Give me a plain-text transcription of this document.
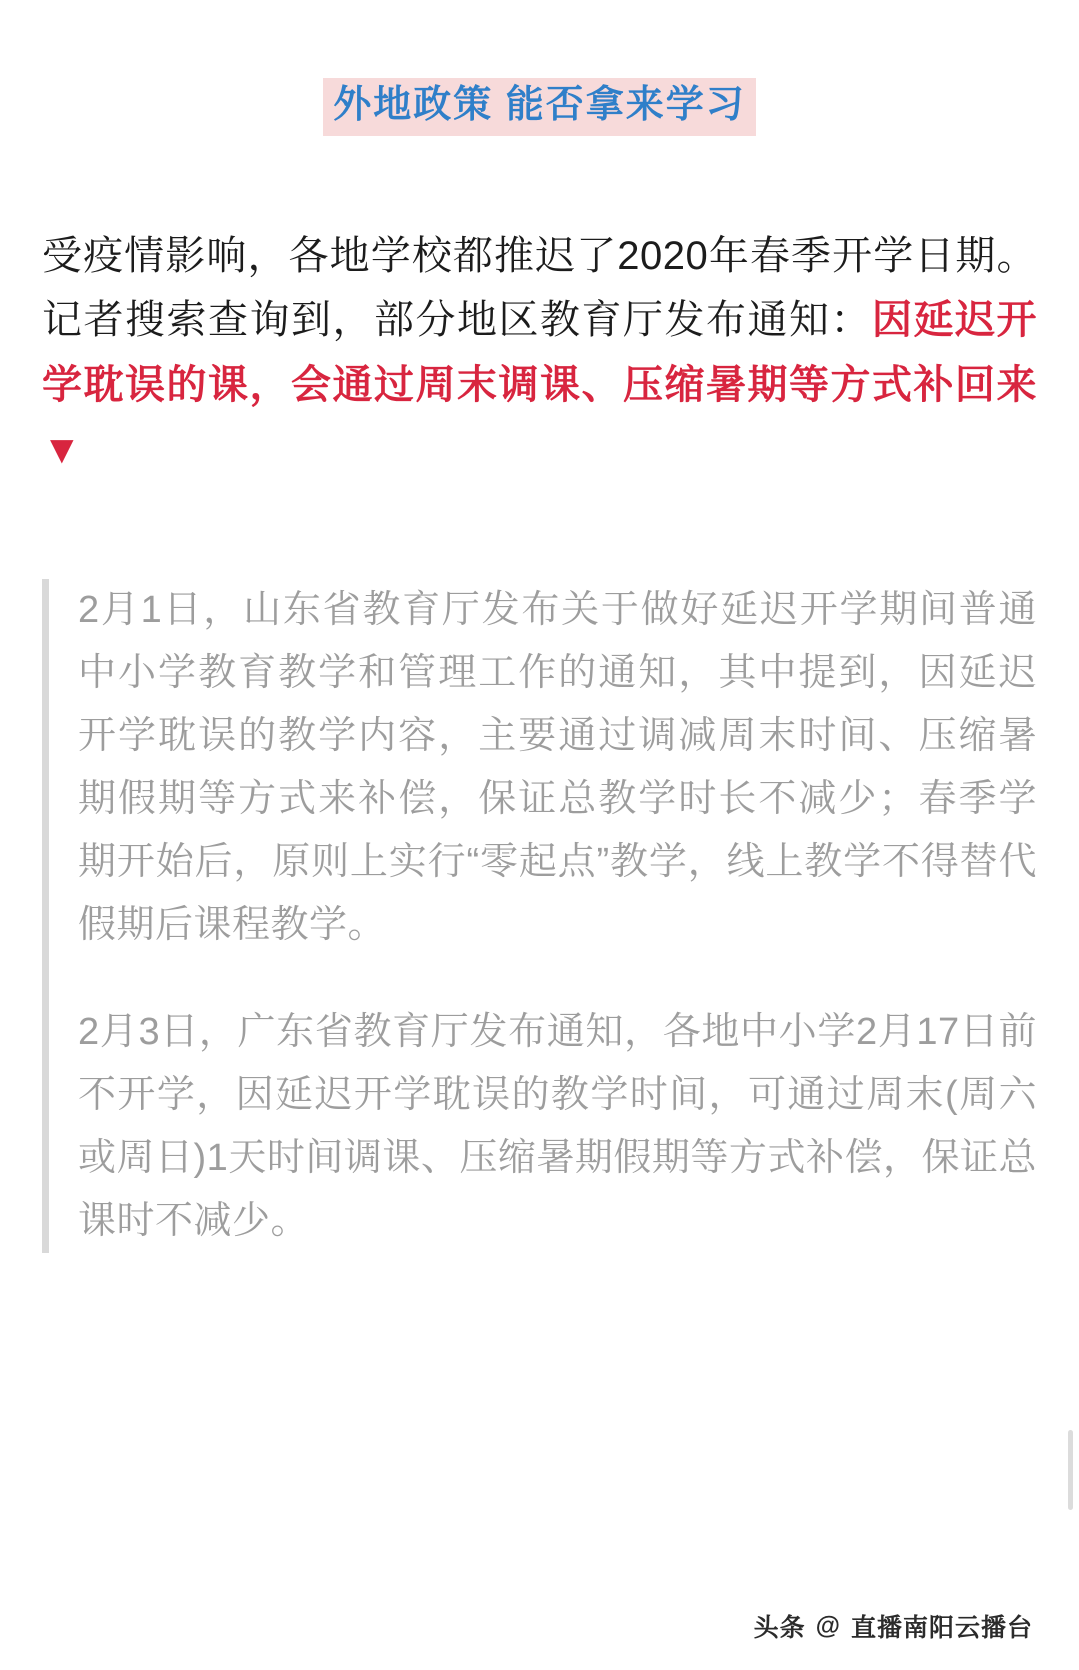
外地政策 能否拿来学习

受疫情影响，各地学校都推迟了2020年春季开学日期。记者搜索查询到，部分地区教育厅发布通知：因延迟开学耽误的课，会通过周末调课、压缩暑期等方式补回来▼

2月1日，山东省教育厅发布关于做好延迟开学期间普通中小学教育教学和管理工作的通知，其中提到，因延迟开学耽误的教学内容，主要通过调减周末时间、压缩暑期假期等方式来补偿，保证总教学时长不减少；春季学期开始后，原则上实行“零起点”教学，线上教学不得替代假期后课程教学。

2月3日，广东省教育厅发布通知，各地中小学2月17日前不开学，因延迟开学耽误的教学时间，可通过周末(周六或周日)1天时间调课、压缩暑期假期等方式补偿，保证总课时不减少。

头条 @ 直播南阳云播台
